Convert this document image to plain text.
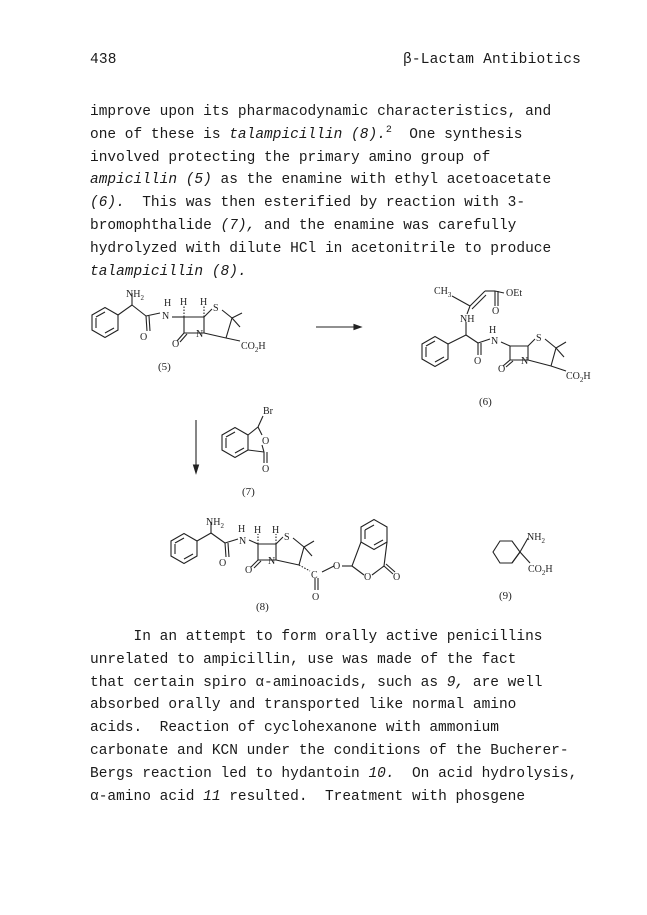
438	β-Lactam Antibiotics
improve upon its pharmacodynamic characteristics, and
one of these is talampicillin (8).$^2$  One synthesis
involved protecting the primary amino group of
ampicillin (5) as the enamine with ethyl acetoacetate
(6).  This was then esterified by reaction with 3-
bromophthalide (7), and the enamine was carefully
hydrolyzed with dilute HCl in acetonitrile to produce
talampicillin (8).
$NH_2$
N
O
H H H
S
N
O	$CO_2H$
(5)
$CH_3$	OEt
O
NH
H
N
O
S
N
O
$CO_2H$
(6)
Br
O
O
(7)
$NH_2$ H
N
O
H H
S
N
O	C
O
O
O O
(8)
$NH_2$
$CO_2H$
(9)
In an attempt to form orally active penicillins
unrelated to ampicillin, use was made of the fact
that certain spiro α-aminoacids, such as 9, are well
absorbed orally and transported like normal amino
acids.  Reaction of cyclohexanone with ammonium
carbonate and KCN under the conditions of the Bucherer-
Bergs reaction led to hydantoin 10.  On acid hydrolysis,
α-amino acid 11 resulted.  Treatment with phosgene
